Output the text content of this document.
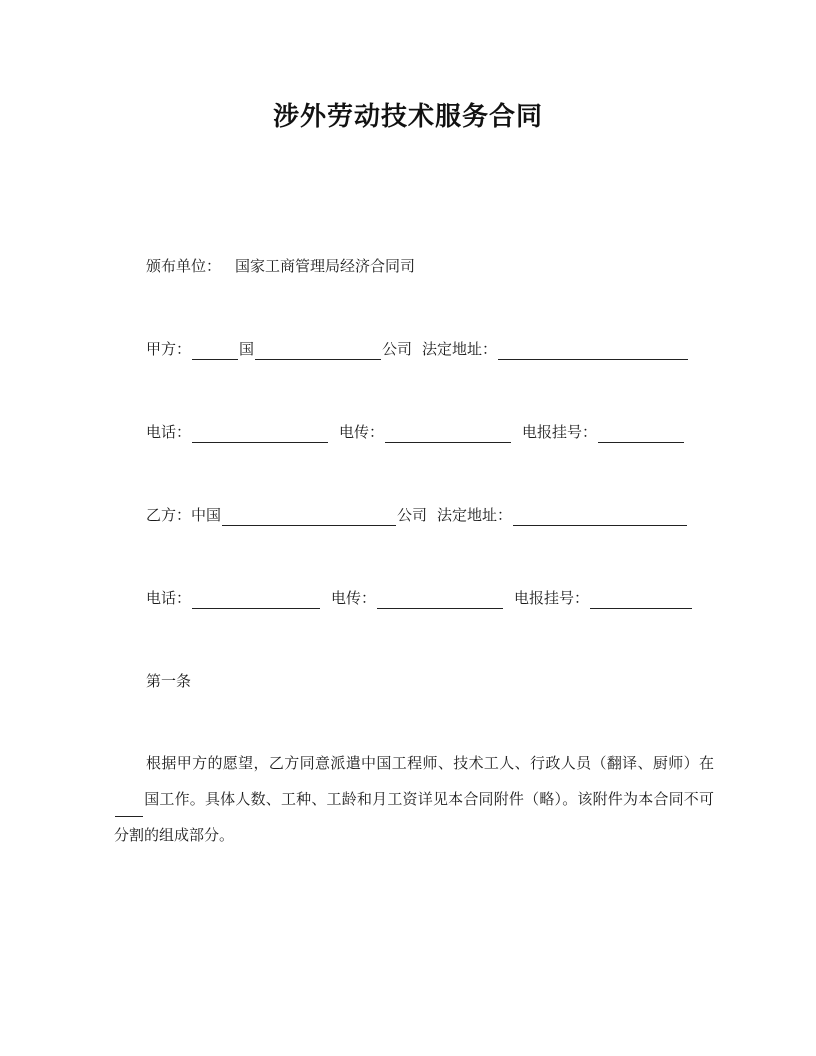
涉外劳动技术服务合同
颁布单位： 国家工商管理局经济合同司
甲方：	国	公司 法定地址：
电话：	电传：	电报挂号：
乙方：中国	公司 法定地址：
电话：	电传：	电报挂号：
第一条
根据甲方的愿望，乙方同意派遣中国工程师、技术工人、行政人员（翻译、厨师）在国工作。具体人数、工种、工龄和月工资详见本合同附件（略）。该附件为本合同不可分割的组成部分。
